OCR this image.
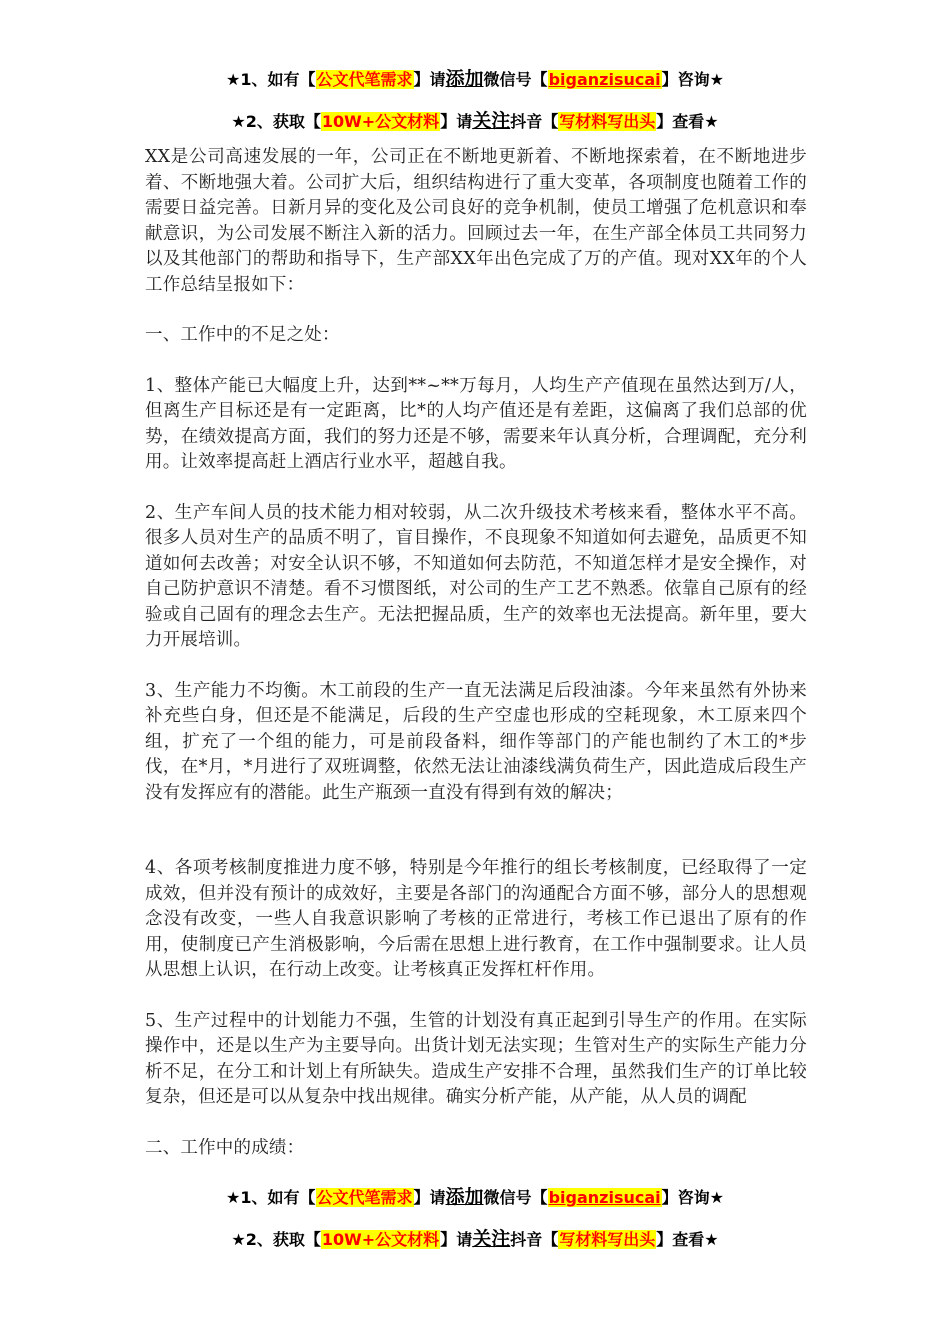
★1、如有【公文代笔需求】请添加微信号【biganzisucai】咨询★
★2、获取【10W+公文材料】请关注抖音【写材料写出头】查看★

XX是公司高速发展的一年，公司正在不断地更新着、不断地探索着，在不断地进步着、不断地强大着。公司扩大后，组织结构进行了重大变革，各项制度也随着工作的需要日益完善。日新月异的变化及公司良好的竞争机制，使员工增强了危机意识和奉献意识，为公司发展不断注入新的活力。回顾过去一年，在生产部全体员工共同努力以及其他部门的帮助和指导下，生产部XX年出色完成了万的产值。现对XX年的个人工作总结呈报如下：

一、工作中的不足之处：

1、整体产能已大幅度上升，达到**~**万每月，人均生产产值现在虽然达到万/人，但离生产目标还是有一定距离，比*的人均产值还是有差距，这偏离了我们总部的优势，在绩效提高方面，我们的努力还是不够，需要来年认真分析，合理调配，充分利用。让效率提高赶上酒店行业水平，超越自我。

2、生产车间人员的技术能力相对较弱，从二次升级技术考核来看，整体水平不高。很多人员对生产的品质不明了，盲目操作，不良现象不知道如何去避免，品质更不知道如何去改善；对安全认识不够，不知道如何去防范，不知道怎样才是安全操作，对自己防护意识不清楚。看不习惯图纸，对公司的生产工艺不熟悉。依靠自己原有的经验或自己固有的理念去生产。无法把握品质，生产的效率也无法提高。新年里，要大力开展培训。

3、生产能力不均衡。木工前段的生产一直无法满足后段油漆。今年来虽然有外协来补充些白身，但还是不能满足，后段的生产空虚也形成的空耗现象，木工原来四个组，扩充了一个组的能力，可是前段备料，细作等部门的产能也制约了木工的*步伐，在*月，*月进行了双班调整，依然无法让油漆线满负荷生产，因此造成后段生产没有发挥应有的潜能。此生产瓶颈一直没有得到有效的解决；

4、各项考核制度推进力度不够，特别是今年推行的组长考核制度，已经取得了一定成效，但并没有预计的成效好，主要是各部门的沟通配合方面不够，部分人的思想观念没有改变，一些人自我意识影响了考核的正常进行，考核工作已退出了原有的作用，使制度已产生消极影响，今后需在思想上进行教育，在工作中强制要求。让人员从思想上认识，在行动上改变。让考核真正发挥杠杆作用。

5、生产过程中的计划能力不强，生管的计划没有真正起到引导生产的作用。在实际操作中，还是以生产为主要导向。出货计划无法实现；生管对生产的实际生产能力分析不足，在分工和计划上有所缺失。造成生产安排不合理，虽然我们生产的订单比较复杂，但还是可以从复杂中找出规律。确实分析产能，从产能，从人员的调配

二、工作中的成绩：

★1、如有【公文代笔需求】请添加微信号【biganzisucai】咨询★
★2、获取【10W+公文材料】请关注抖音【写材料写出头】查看★
